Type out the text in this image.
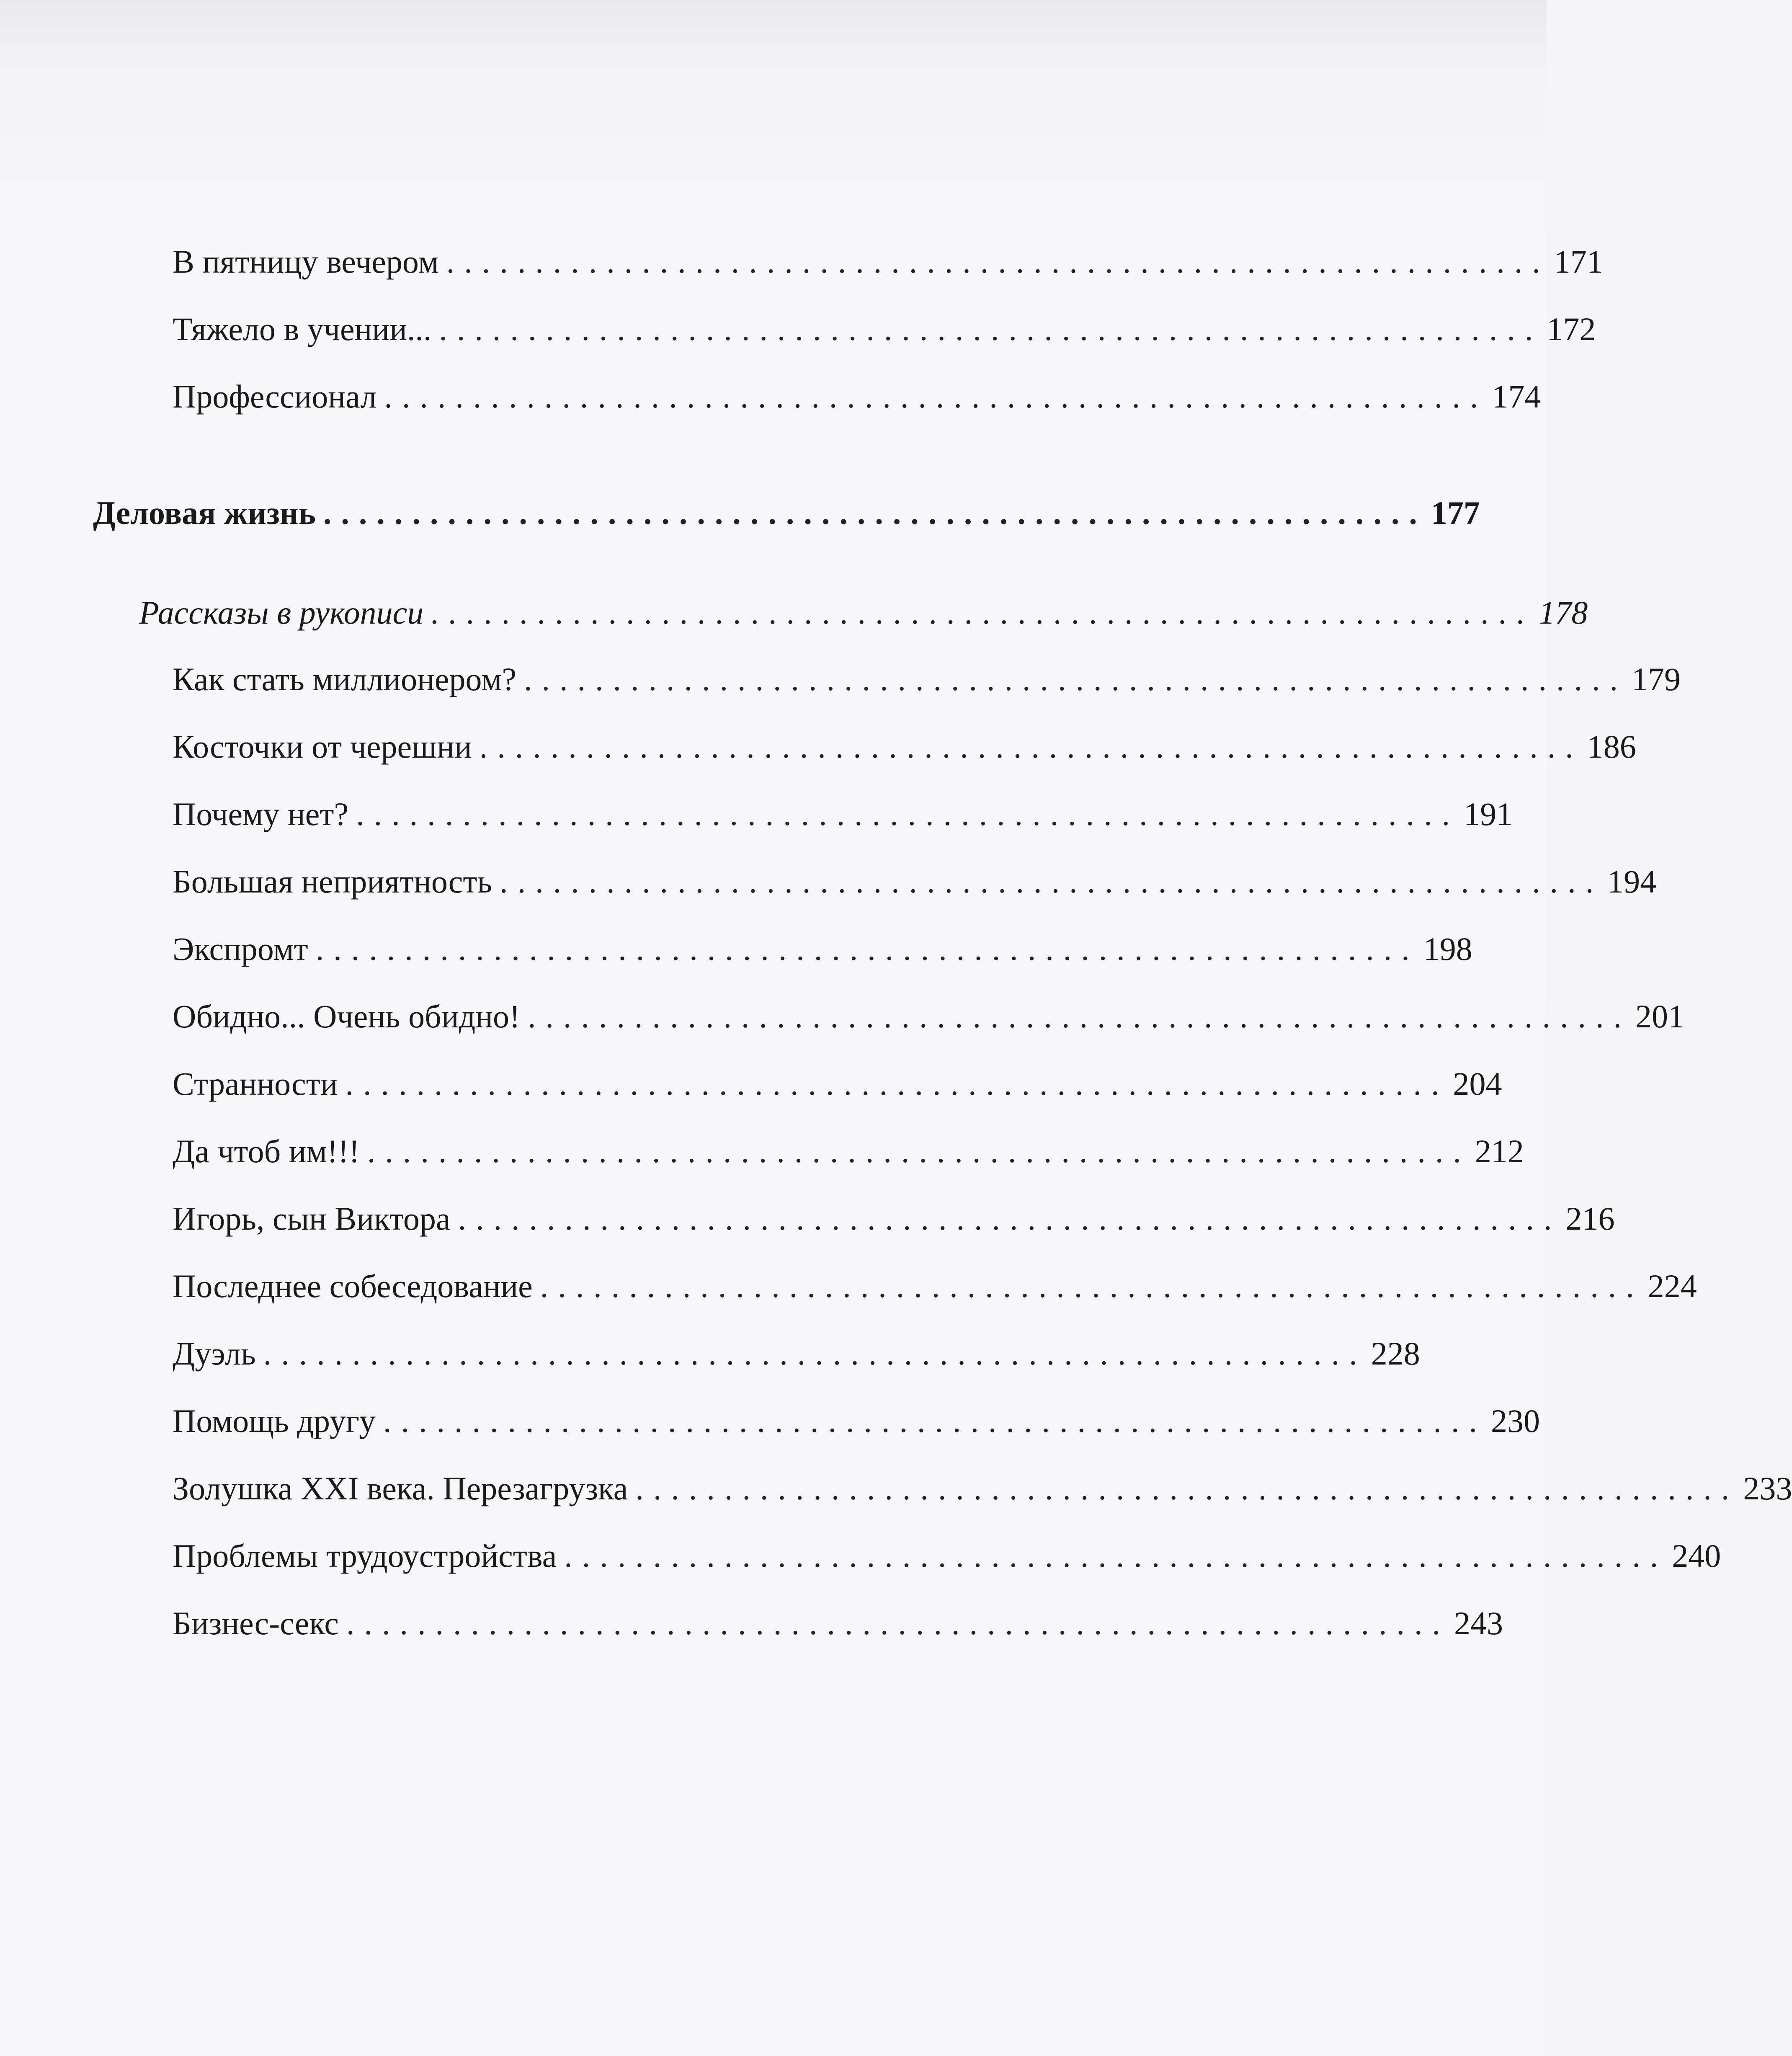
В пятницу вечером .............................................................. 171
Тяжело в учении... .............................................................. 172
Профессионал .............................................................. 174
Деловая жизнь .............................................................. 177
Рассказы в рукописи .............................................................. 178
Как стать миллионером? .............................................................. 179
Косточки от черешни .............................................................. 186
Почему нет? .............................................................. 191
Большая неприятность .............................................................. 194
Экспромт .............................................................. 198
Обидно... Очень обидно! .............................................................. 201
Странности .............................................................. 204
Да чтоб им!!! .............................................................. 212
Игорь, сын Виктора .............................................................. 216
Последнее собеседование .............................................................. 224
Дуэль .............................................................. 228
Помощь другу .............................................................. 230
Золушка XXI века. Перезагрузка .............................................................. 233
Проблемы трудоустройства .............................................................. 240
Бизнес-секс .............................................................. 243
